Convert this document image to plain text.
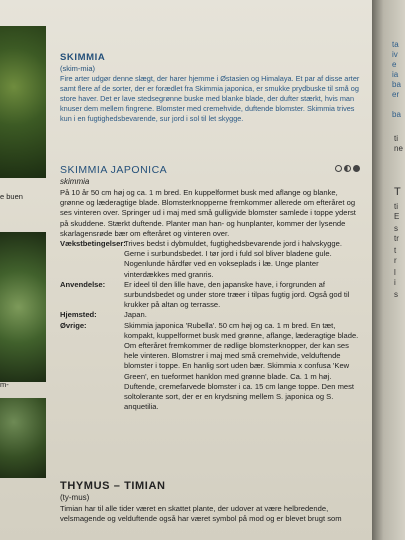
e buen
m-
SKIMMIA
(skim-mia)
Fire arter udgør denne slægt, der harer hjemme i Østasien og Himalaya. Et par af disse arter samt flere af de sorter, der er forædlet fra Skimmia japonica, er smukke prydbuske til små og store haver. Det er lave stedsegrønne buske med blanke blade, der dufter stærkt, hvis man knuser dem mellem fingrene. Blomster med cremehvide, duftende blomster. Skimmia trives kun i en fugtighedsbevarende, sur jord i sol til let skygge.
SKIMMIA JAPONICA
skimmia

På 10 år 50 cm høj og ca. 1 m bred. En kuppelformet busk med aflange og blanke, grønne og læderagtige blade. Blomsterknopperne fremkommer allerede om efteråret og ses vinteren over. Springer ud i maj med små gulligvide blomster samlede i toppe yderst på skuddene. Stærkt duftende. Planter man han- og hunplanter, kommer der lysende skarlagensrøde bær om efteråret og vinteren over.

Vækstbetingelser:
Trives bedst i dybmuldet, fugtighedsbevarende jord i halvskygge. Gerne i surbundsbedet. I tør jord i fuld sol bliver bladene gule. Nogenlunde hårdfør ved en vokseplads i læ. Unge planter vinterdækkes med granris.
Anvendelse:	Er ideel til den lille have, den japanske have, i forgrunden af surbundsbedet og under store træer i tilpas fugtig jord. Også god til krukker på altan og terrasse.
Hjemsted:	Japan.
Øvrige:	Skimmia japonica 'Rubella'. 50 cm høj og ca. 1 m bred. En tæt, kompakt, kuppelformet busk med grønne, aflange, læderagtige blade. Om efteråret fremkommer de rødlige blomsterknopper, der kan ses hele vinteren. Blomstrer i maj med små cremehvide, velduftende blomster i toppe. En hanlig sort uden bær. Skimmia x confusa 'Kew Green', en tueformet hanklon med grønne blade. Ca. 1 m høj. Duftende, cremefarvede blomster i ca. 15 cm lange toppe. Den mest soltolerante sort, der er en krydsning mellem S. japonica og S. anquetilia.
THYMUS – TIMIAN
(ty-mus)

Timian har til alle tider været en skattet plante, der udover at være helbredende, velsmagende og velduftende også har været symbol på mod og er blevet brugt som

ta
iv
e
ia
ba
er
ba
ti
ne
T
ti
E
s
tr
t
r
l
i
s
